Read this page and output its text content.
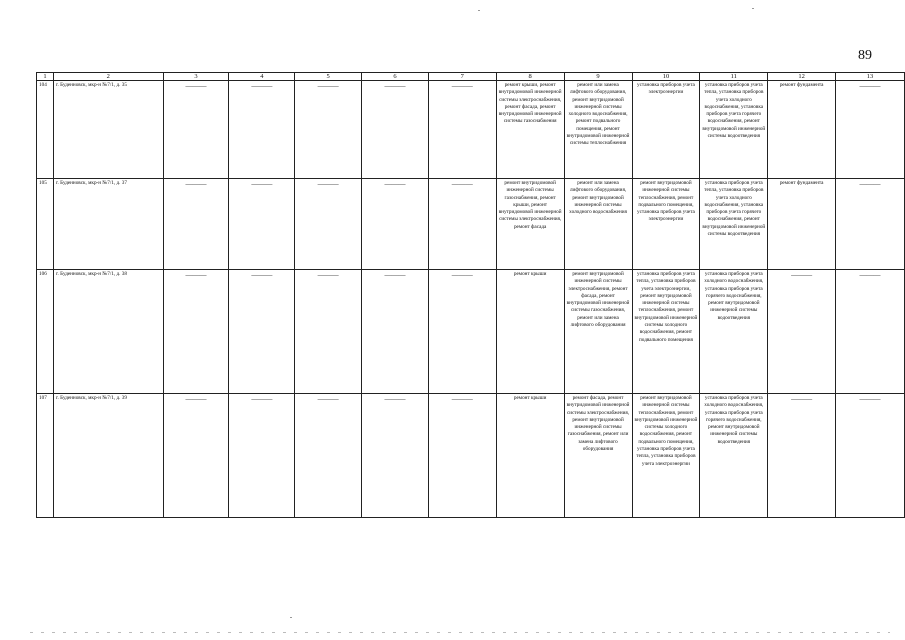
89
1	2	3	4	5	6	7	8	9	10	11	12	13
104	г. Буденновск, мкр-н №7/1, д. 35	———	———	———	———	———	ремонт крыши, ремонт внутридомовой инженерной системы электроснабжения, ремонт фасада, ремонт внутридомовой инженерной системы газоснабжения	ремонт или замена лифтового оборудования, ремонт внутридомовой инженерной системы холодного водоснабжения, ремонт подвального помещения, ремонт внутридомовой инженерной системы теплоснабжения	установка приборов учета электроэнергии	установка приборов учета тепла, установка приборов учета холодного водоснабжения, установка приборов учета горячего водоснабжения, ремонт внутридомовой инженерной системы водоотведения	ремонт фундамента	———
105	г. Буденновск, мкр-н №7/1, д. 37	———	———	———	———	———	ремонт внутридомовой инженерной системы газоснабжения, ремонт крыши, ремонт внутридомовой инженерной системы электроснабжения, ремонт фасада	ремонт или замена лифтового оборудования, ремонт внутридомовой инженерной системы холодного водоснабжения	ремонт внутридомовой инженерной системы теплоснабжения, ремонт подвального помещения, установка приборов учета электроэнергии	установка приборов учета тепла, установка приборов учета холодного водоснабжения, установка приборов учета горячего водоснабжения, ремонт внутридомовой инженерной системы водоотведения	ремонт фундамента	———
106	г. Буденновск, мкр-н №7/1, д. 38	———	———	———	———	———	ремонт крыши	ремонт внутридомовой инженерной системы электроснабжения, ремонт фасада, ремонт внутридомовой инженерной системы газоснабжения, ремонт или замена лифтового оборудования	установка приборов учета тепла, установка приборов учета электроэнергии, ремонт внутридомовой инженерной системы теплоснабжения, ремонт внутридомовой инженерной системы холодного водоснабжения, ремонт подвального помещения	установка приборов учета холодного водоснабжения, установка приборов учета горячего водоснабжения, ремонт внутридомовой инженерной системы водоотведения	———	———
107	г. Буденновск, мкр-н №7/1, д. 39	———	———	———	———	———	ремонт крыши	ремонт фасада, ремонт внутридомовой инженерной системы электроснабжения, ремонт внутридомовой инженерной системы газоснабжения, ремонт или замена лифтового оборудования	ремонт внутридомовой инженерной системы теплоснабжения, ремонт внутридомовой инженерной системы холодного водоснабжения, ремонт подвального помещения, установка приборов учета тепла, установка приборов учета электроэнергии	установка приборов учета холодного водоснабжения, установка приборов учета горячего водоснабжения, ремонт внутридомовой инженерной системы водоотведения	———	———
